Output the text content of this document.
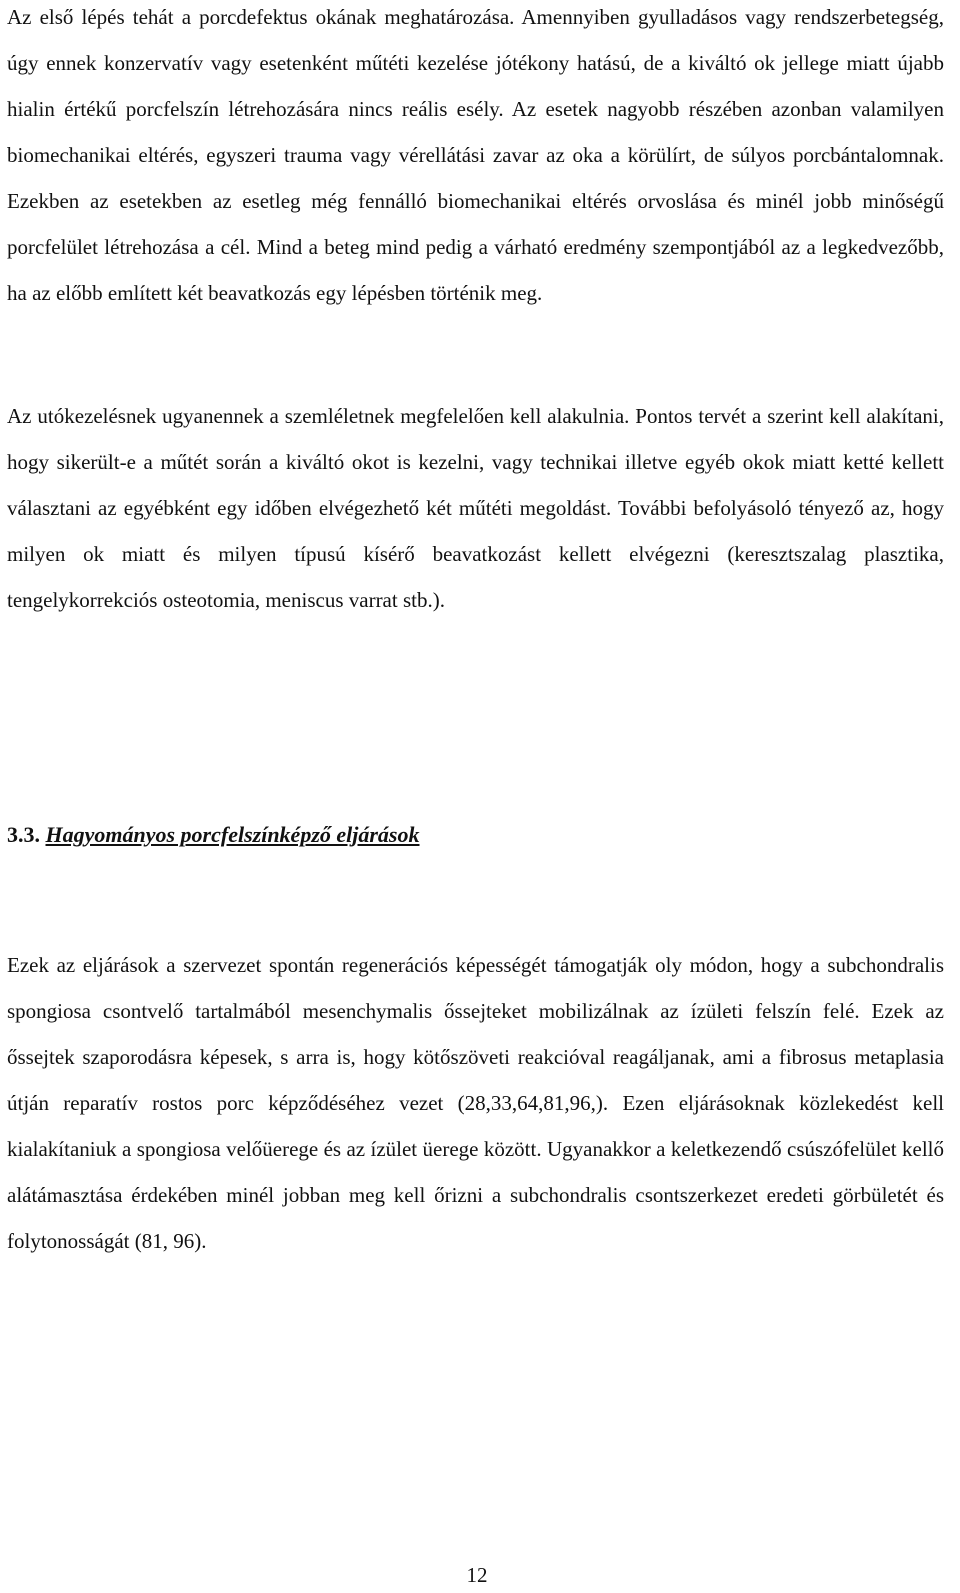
Az első lépés tehát a porcdefektus okának meghatározása. Amennyiben gyulladásos vagy rendszerbetegség, úgy ennek konzervatív vagy esetenként műtéti kezelése jótékony hatású, de a kiváltó ok jellege miatt újabb hialin értékű porcfelszín létrehozására nincs reális esély. Az esetek nagyobb részében azonban valamilyen biomechanikai eltérés, egyszeri trauma vagy vérellátási zavar az oka a körülírt, de súlyos porcbántalomnak. Ezekben az esetekben az esetleg még fennálló biomechanikai eltérés orvoslása és minél jobb minőségű porcfelület létrehozása a cél. Mind a beteg mind pedig a várható eredmény szempontjából az a legkedvezőbb, ha az előbb említett két beavatkozás egy lépésben történik meg.

Az utókezelésnek ugyanennek a szemléletnek megfelelően kell alakulnia. Pontos tervét a szerint kell alakítani, hogy sikerült-e a műtét során a kiváltó okot is kezelni, vagy technikai illetve egyéb okok miatt ketté kellett választani az egyébként egy időben elvégezhető két műtéti megoldást. További befolyásoló tényező az, hogy milyen ok miatt és milyen típusú kísérő beavatkozást kellett elvégezni (keresztszalag plasztika, tengelykorrekciós osteotomia, meniscus varrat stb.).

3.3. Hagyományos porcfelszínképző eljárások

Ezek az eljárások a szervezet spontán regenerációs képességét támogatják oly módon, hogy a subchondralis spongiosa csontvelő tartalmából mesenchymalis őssejteket mobilizálnak az ízületi felszín felé. Ezek az őssejtek szaporodásra képesek, s arra is, hogy kötőszöveti reakcióval reagáljanak, ami a fibrosus metaplasia útján reparatív rostos porc képződéséhez vezet (28,33,64,81,96,). Ezen eljárásoknak közlekedést kell kialakítaniuk a spongiosa velőüerege és az ízület üerege között. Ugyanakkor a keletkezendő csúszófelület kellő alátámasztása érdekében minél jobban meg kell őrizni a subchondralis csontszerkezet eredeti görbületét és folytonosságát (81, 96).

12
